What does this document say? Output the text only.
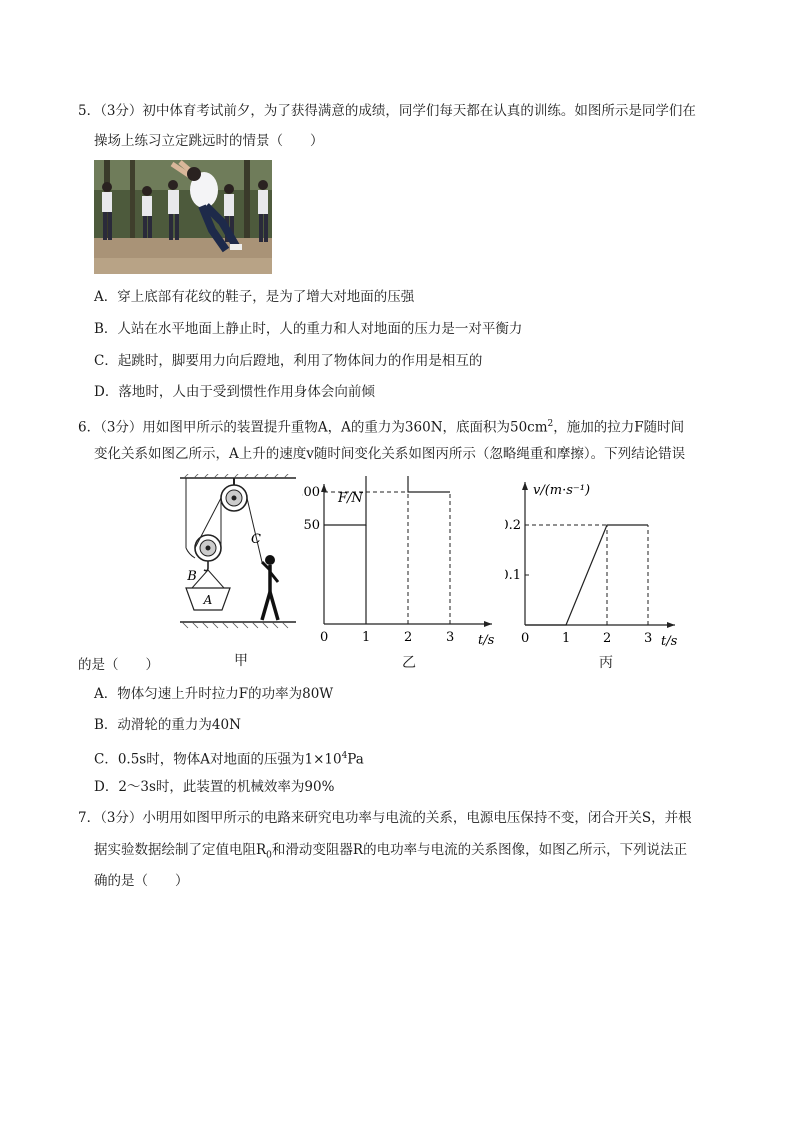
5．（3分）初中体育考试前夕，为了获得满意的成绩，同学们每天都在认真的训练。如图所示是同学们在
操场上练习立定跳远时的情景（　　）
A．穿上底部有花纹的鞋子，是为了增大对地面的压强
B．人站在水平地面上静止时，人的重力和人对地面的压力是一对平衡力
C．起跳时，脚要用力向后蹬地，利用了物体间力的作用是相互的
D．落地时，人由于受到惯性作用身体会向前倾
6．（3分）用如图甲所示的装置提升重物A，A的重力为360N，底面积为$50cm^2$，施加的拉力F随时间
变化关系如图乙所示，A上升的速度v随时间变化关系如图丙所示（忽略绳重和摩擦）。下列结论错误
A
B
C
F/N
t/s
0	1	2	3
50
00	v/(m·s⁻¹)
t/s
0	1	2	3
.1
.2
的是（　　）	甲	乙	丙
A．物体匀速上升时拉力F的功率为80W
B．动滑轮的重力为40N
C．0.5s时，物体A对地面的压强为$1\times 10^4Pa$
D．2～3s时，此装置的机械效率为90%
7．（3分）小明用如图甲所示的电路来研究电功率与电流的关系，电源电压保持不变，闭合开关S，并根
据实验数据绘制了定值电阻$R_0$和滑动变阻器R的电功率与电流的关系图像，如图乙所示，下列说法正
确的是（　　）
